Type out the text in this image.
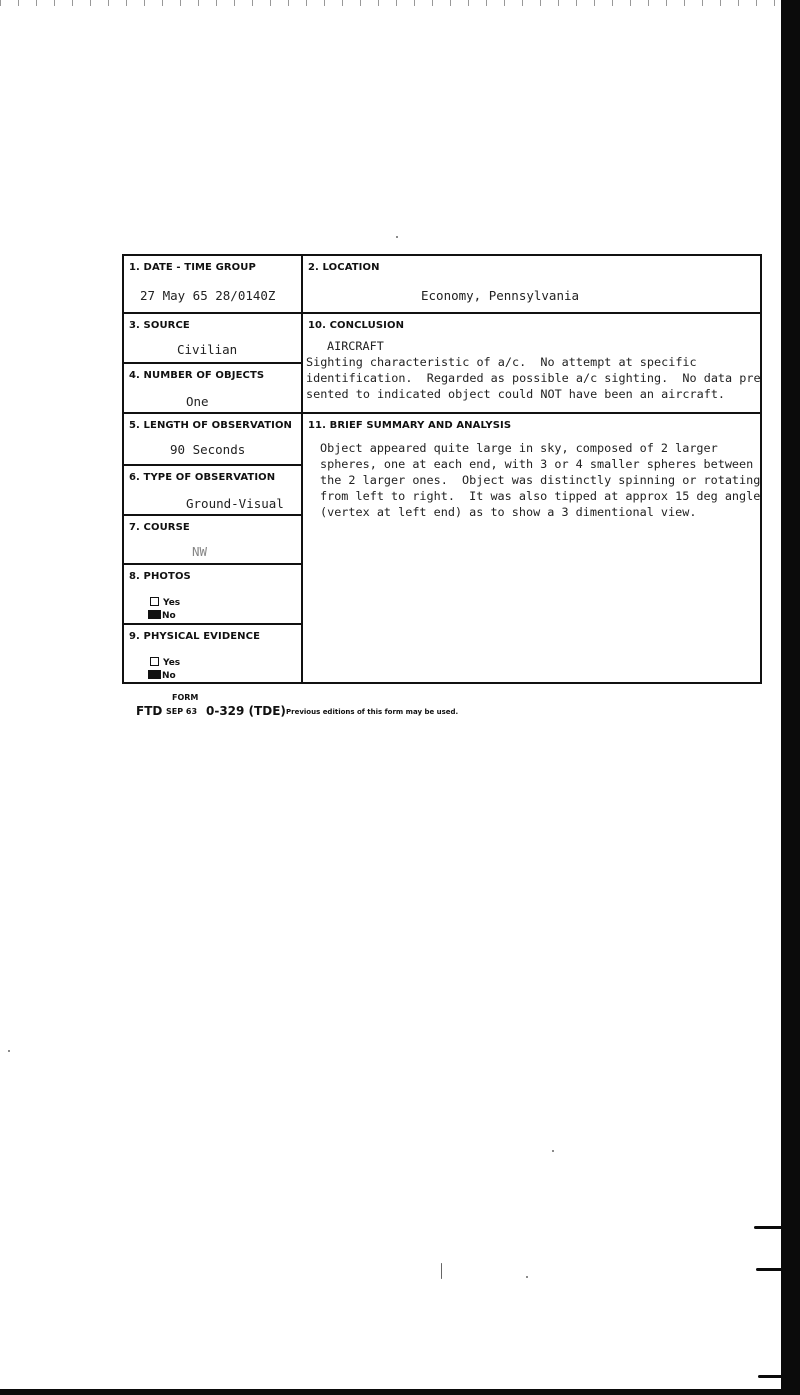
1. DATE - TIME GROUP
27 May 65 28/0140Z
2. LOCATION
Economy, Pennsylvania
3. SOURCE
Civilian
4. NUMBER OF OBJECTS
One
10. CONCLUSION
AIRCRAFT
Sighting characteristic of a/c.  No attempt at specific
identification.  Regarded as possible a/c sighting.  No data pre
sented to indicated object could NOT have been an aircraft.
5. LENGTH OF OBSERVATION
90 Seconds
11. BRIEF SUMMARY AND ANALYSIS
Object appeared quite large in sky, composed of 2 larger
spheres, one at each end, with 3 or 4 smaller spheres between
the 2 larger ones.  Object was distinctly spinning or rotating
from left to right.  It was also tipped at approx 15 deg angle
(vertex at left end) as to show a 3 dimentional view.
6. TYPE OF OBSERVATION
Ground-Visual
7. COURSE
NW
8. PHOTOS
Yes
No
9. PHYSICAL EVIDENCE
Yes
No
FORM
FTD SEP 63 0-329 (TDE) Previous editions of this form may be used.
